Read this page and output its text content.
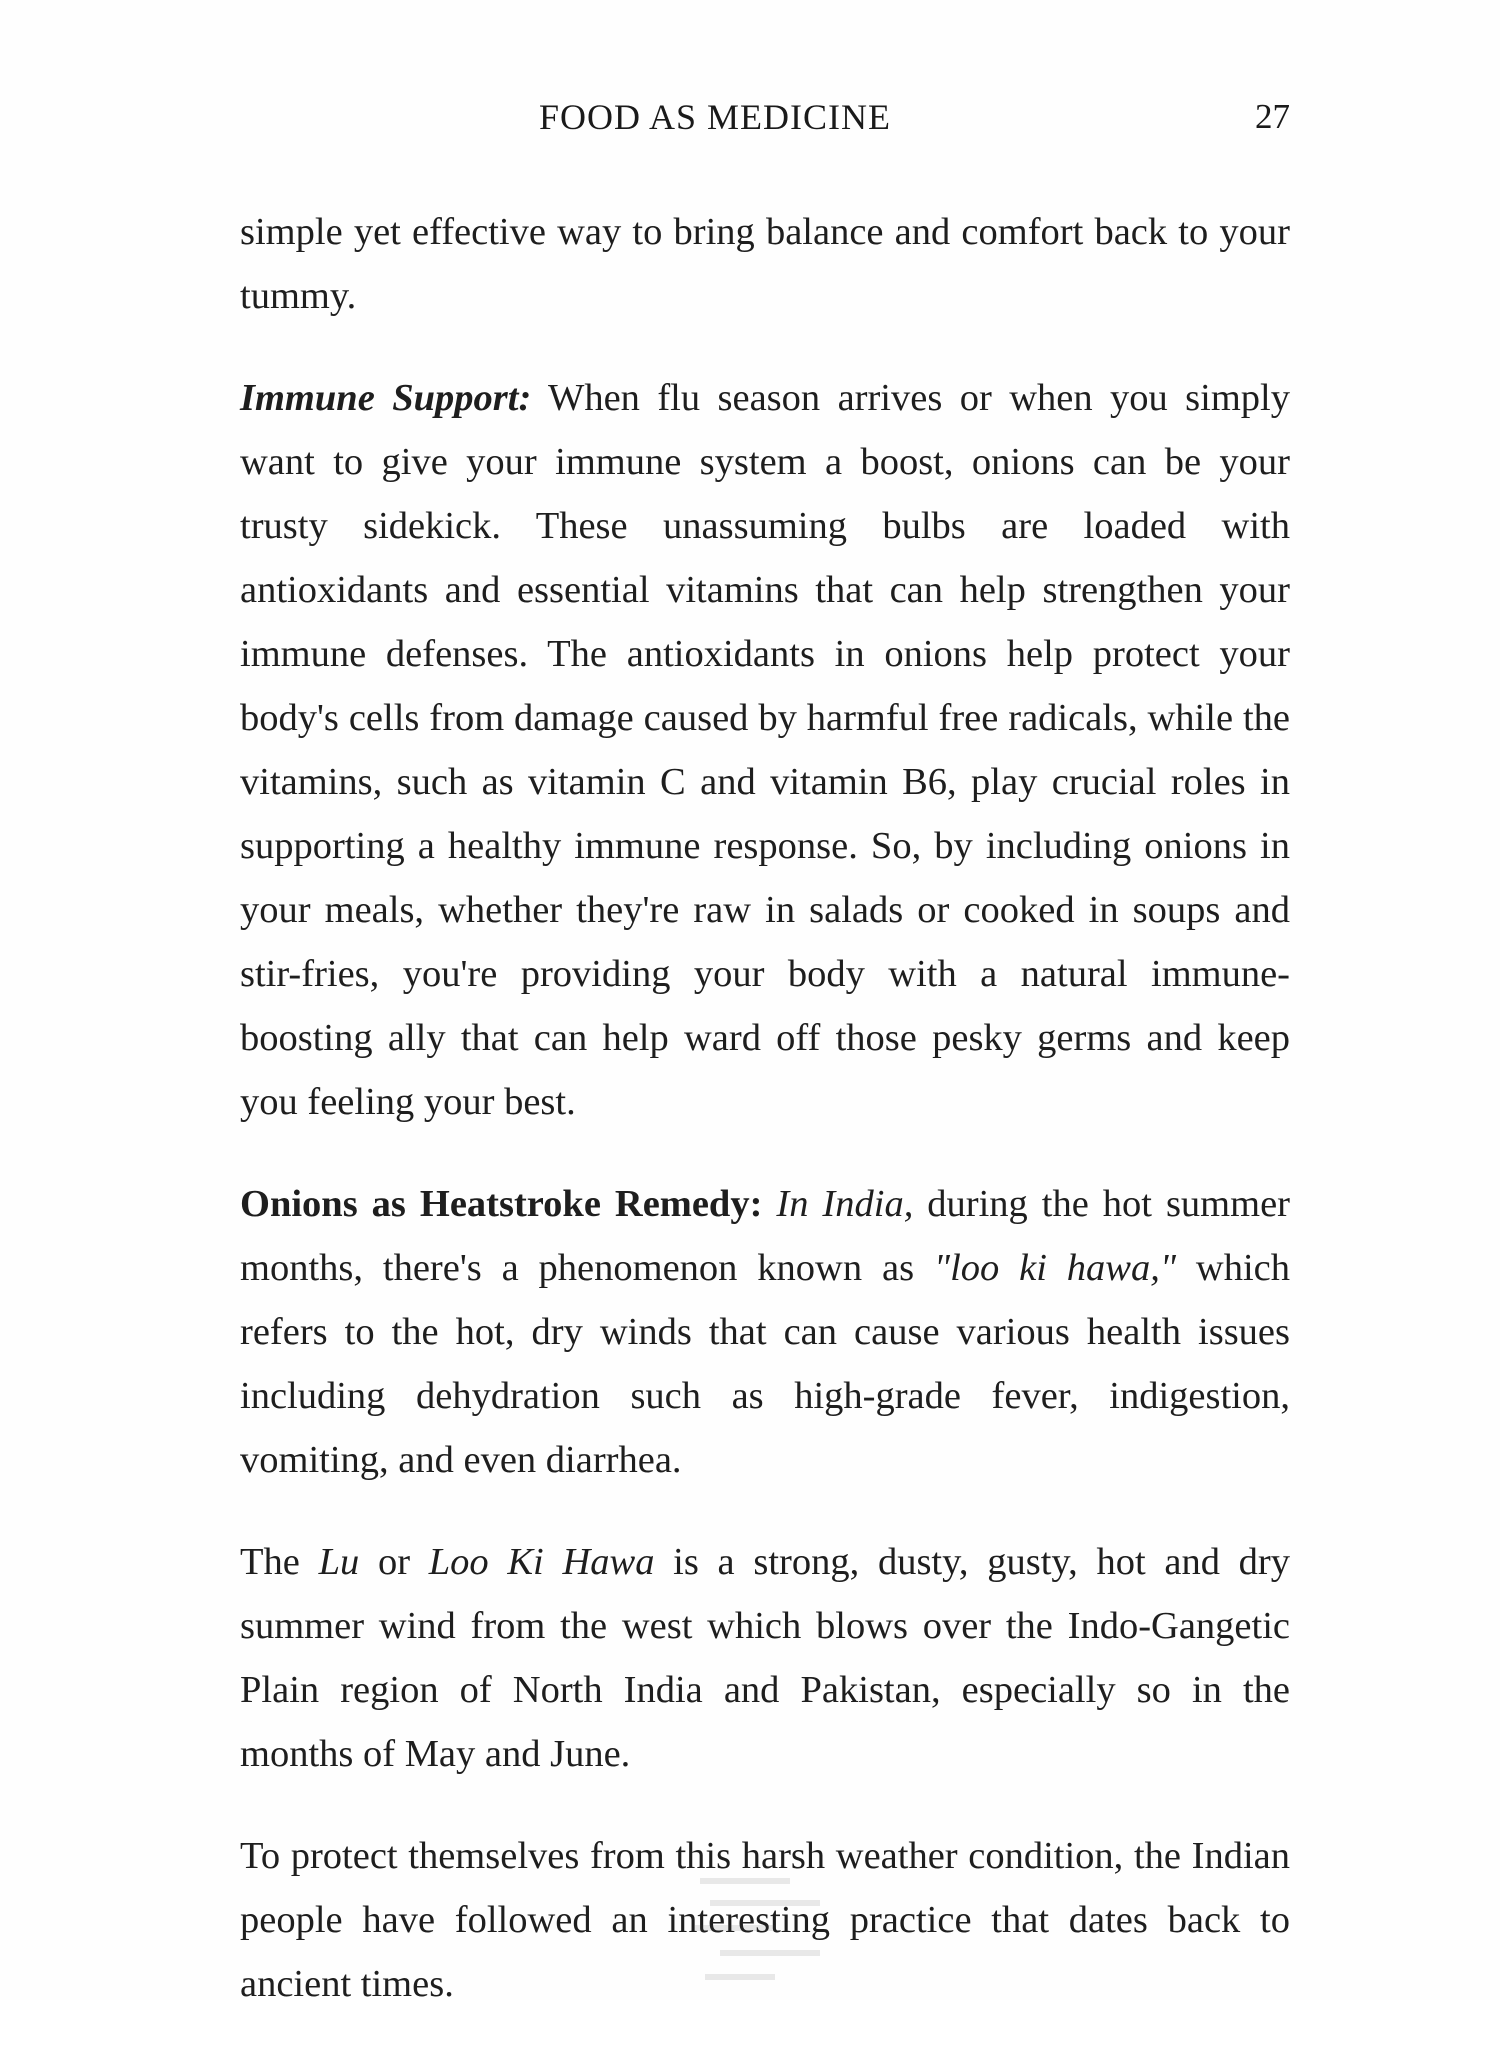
FOOD AS MEDICINE	27

simple yet effective way to bring balance and comfort back to your tummy.

Immune Support: When flu season arrives or when you simply want to give your immune system a boost, onions can be your trusty sidekick. These unassuming bulbs are loaded with antioxidants and essential vitamins that can help strengthen your immune defenses. The antioxidants in onions help protect your body's cells from damage caused by harmful free radicals, while the vitamins, such as vitamin C and vitamin B6, play crucial roles in supporting a healthy immune response. So, by including onions in your meals, whether they're raw in salads or cooked in soups and stir-fries, you're providing your body with a natural immune-boosting ally that can help ward off those pesky germs and keep you feeling your best.

Onions as Heatstroke Remedy: In India, during the hot summer months, there's a phenomenon known as "loo ki hawa," which refers to the hot, dry winds that can cause various health issues including dehydration such as high-grade fever, indigestion, vomiting, and even diarrhea.

The Lu or Loo Ki Hawa is a strong, dusty, gusty, hot and dry summer wind from the west which blows over the Indo-Gangetic Plain region of North India and Pakistan, especially so in the months of May and June.

To protect themselves from this harsh weather condition, the Indian people have followed an interesting practice that dates back to ancient times.
